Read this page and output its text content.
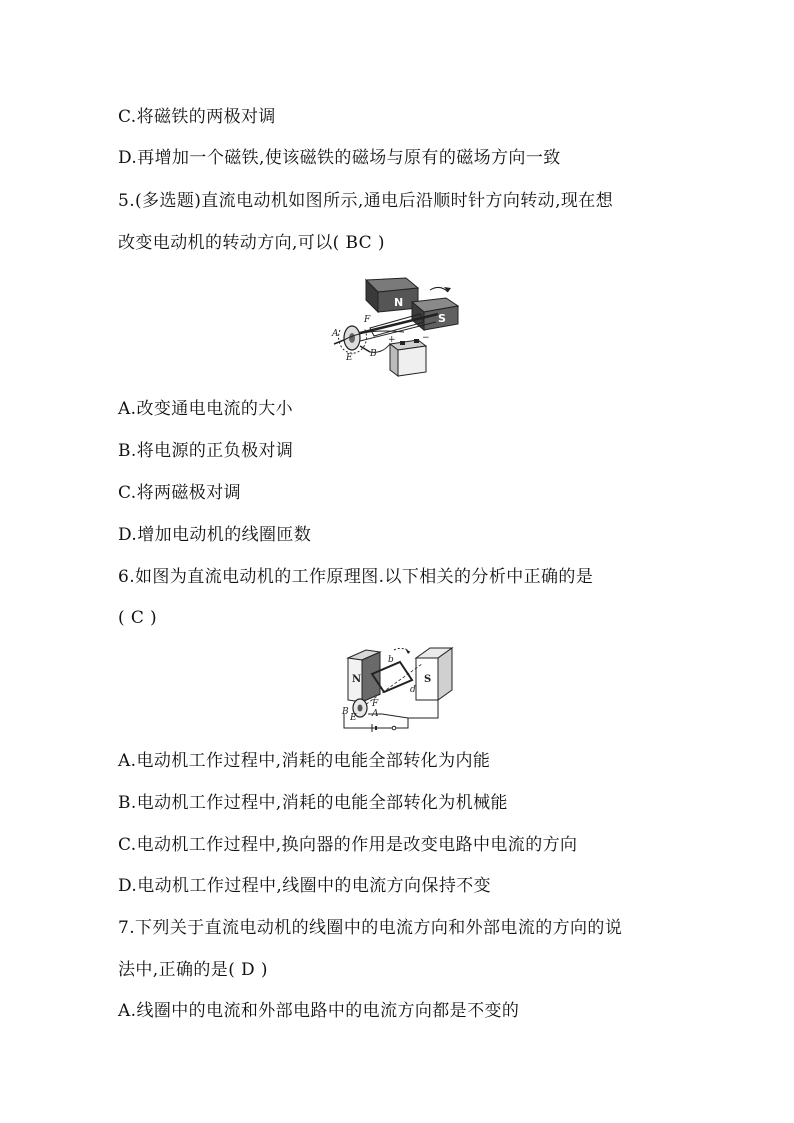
C.将磁铁的两极对调
D.再增加一个磁铁,使该磁铁的磁场与原有的磁场方向一致
5.(多选题)直流电动机如图所示,通电后沿顺时针方向转动,现在想
改变电动机的转动方向,可以( BC )
N
S
A
E
F
B
+	−
A.改变通电电流的大小
B.将电源的正负极对调
C.将两磁极对调
D.增加电动机的线圈匝数
6.如图为直流电动机的工作原理图.以下相关的分析中正确的是
( C )
N	S
b
d
B
E
F
A
A.电动机工作过程中,消耗的电能全部转化为内能
B.电动机工作过程中,消耗的电能全部转化为机械能
C.电动机工作过程中,换向器的作用是改变电路中电流的方向
D.电动机工作过程中,线圈中的电流方向保持不变
7.下列关于直流电动机的线圈中的电流方向和外部电流的方向的说
法中,正确的是( D )
A.线圈中的电流和外部电路中的电流方向都是不变的
